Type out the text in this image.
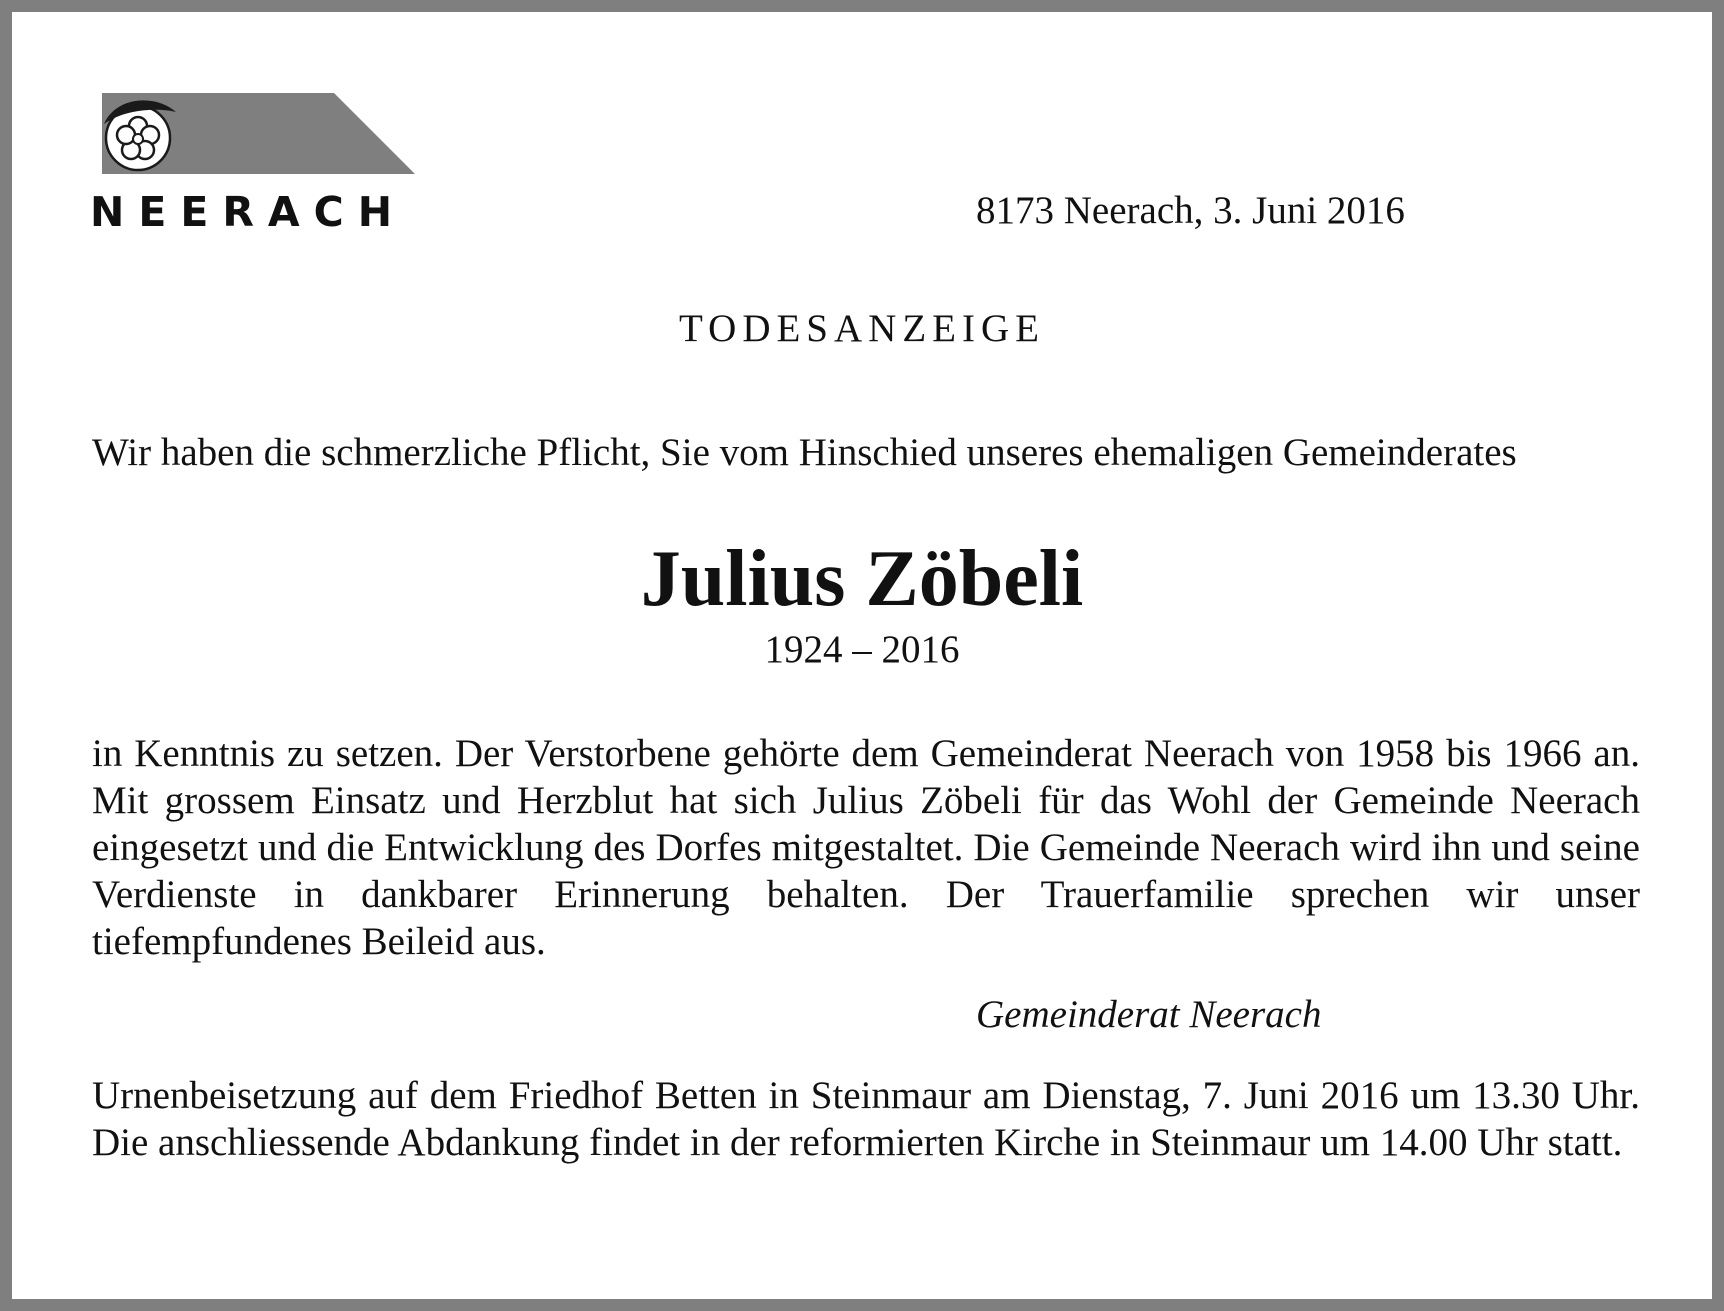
NEERACH	8173 Neerach, 3. Juni 2016
TODESANZEIGE
Wir haben die schmerzliche Pflicht, Sie vom Hinschied unseres ehemaligen Gemeinderates
Julius Zöbeli
1924 – 2016
in Kenntnis zu setzen. Der Verstorbene gehörte dem Gemeinderat Neerach von 1958 bis 1966 an. Mit grossem Einsatz und Herzblut hat sich Julius Zöbeli für das Wohl der Gemeinde Neerach eingesetzt und die Entwicklung des Dorfes mitgestaltet. Die Gemeinde Neerach wird ihn und seine Verdienste in dankbarer Erinnerung behalten. Der Trauerfamilie sprechen wir unser tiefempfundenes Beileid aus.
Gemeinderat Neerach
Urnenbeisetzung auf dem Friedhof Betten in Steinmaur am Dienstag, 7. Juni 2016 um 13.30 Uhr. Die anschliessende Abdankung findet in der reformierten Kirche in Steinmaur um 14.00 Uhr statt.
